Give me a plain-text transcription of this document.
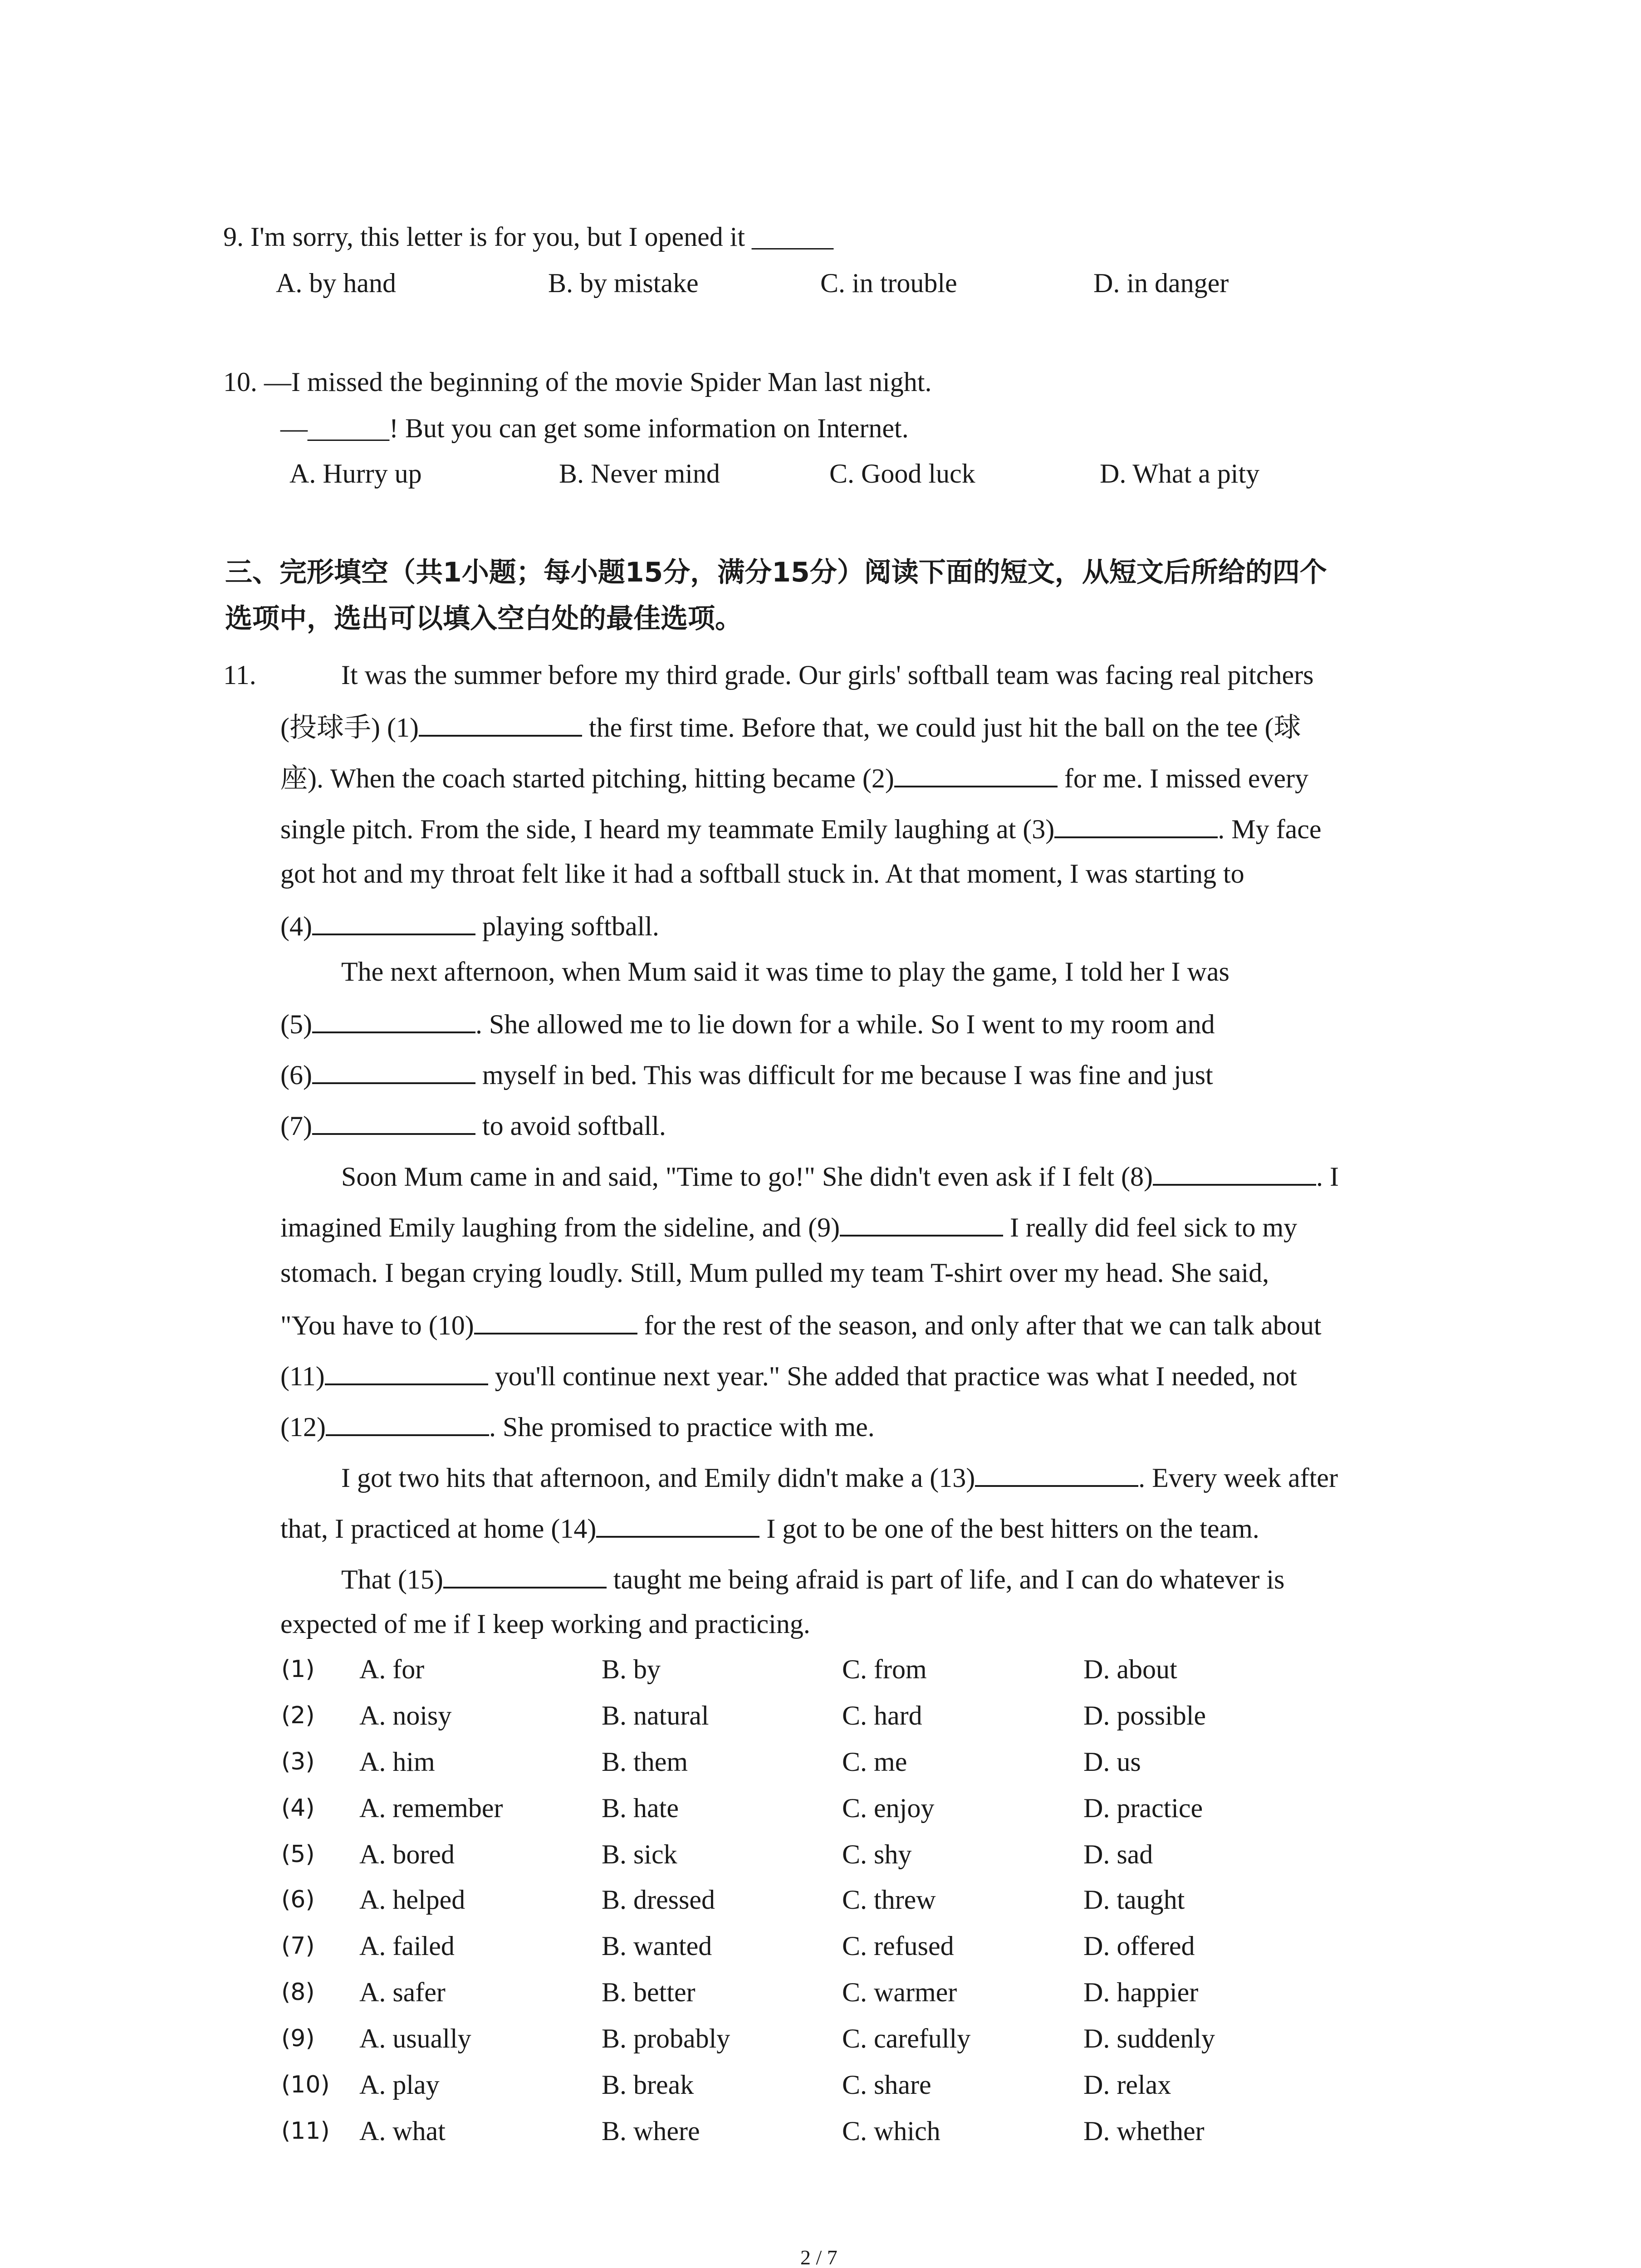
9. I'm sorry, this letter is for you, but I opened it ______
A. by hand	B. by mistake	C. in trouble	D. in danger
10. —I missed the beginning of the movie Spider Man last night.
—______! But you can get some information on Internet.
A. Hurry up	B. Never mind	C. Good luck	D. What a pity
三、完形填空（共1小题；每小题15分，满分15分）阅读下面的短文，从短文后所给的四个
选项中，选出可以填入空白处的最佳选项。
11.	It was the summer before my third grade. Our girls' softball team was facing real pitchers
(投球手) (1)	the first time. Before that, we could just hit the ball on the tee (球
座). When the coach started pitching, hitting became (2)	for me. I missed every
single pitch. From the side, I heard my teammate Emily laughing at (3)	. My face
got hot and my throat felt like it had a softball stuck in. At that moment, I was starting to
(4)	playing softball.
The next afternoon, when Mum said it was time to play the game, I told her I was
(5)	. She allowed me to lie down for a while. So I went to my room and
(6)	myself in bed. This was difficult for me because I was fine and just
(7)	to avoid softball.
Soon Mum came in and said, "Time to go!" She didn't even ask if I felt (8)	. I
imagined Emily laughing from the sideline, and (9)	I really did feel sick to my
stomach. I began crying loudly. Still, Mum pulled my team T-shirt over my head. She said,
"You have to (10)	for the rest of the season, and only after that we can talk about
(11)	you'll continue next year." She added that practice was what I needed, not
(12)	. She promised to practice with me.
I got two hits that afternoon, and Emily didn't make a (13)	. Every week after
that, I practiced at home (14)	I got to be one of the best hitters on the team.
That (15)	taught me being afraid is part of life, and I can do whatever is
expected of me if I keep working and practicing.
(1) A. for	B. by	C. from	D. about
(2) A. noisy	B. natural	C. hard	D. possible
(3) A. him	B. them	C. me	D. us
(4) A. remember	B. hate	C. enjoy	D. practice
(5) A. bored	B. sick	C. shy	D. sad
(6) A. helped	B. dressed	C. threw	D. taught
(7) A. failed	B. wanted	C. refused	D. offered
(8) A. safer	B. better	C. warmer	D. happier
(9) A. usually	B. probably	C. carefully	D. suddenly
(10) A. play	B. break	C. share	D. relax
(11) A. what	B. where	C. which	D. whether
2 / 7
